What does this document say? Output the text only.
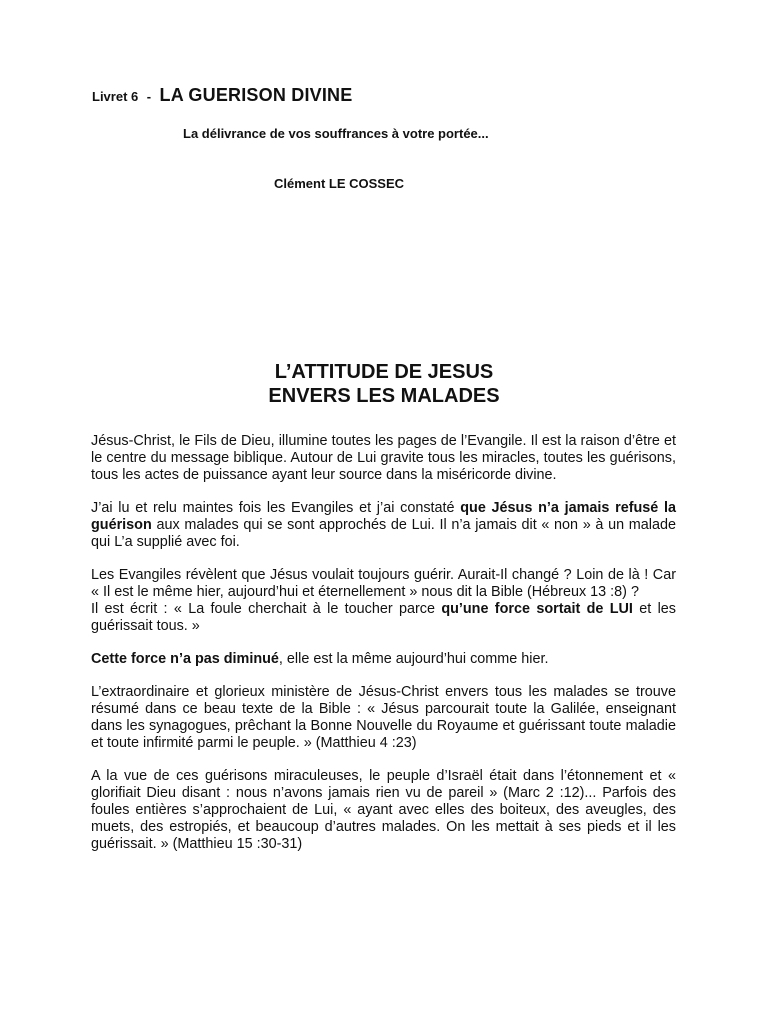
Livret 6 - LA GUERISON DIVINE
La délivrance de vos souffrances à votre portée...
Clément LE COSSEC
L’ATTITUDE DE JESUS
ENVERS LES MALADES

Jésus-Christ, le Fils de Dieu, illumine toutes les pages de l’Evangile. Il est la raison d’être et le centre du message biblique. Autour de Lui gravite tous les miracles, toutes les guérisons, tous les actes de puissance ayant leur source dans la miséricorde divine.

J’ai lu et relu maintes fois les Evangiles et j’ai constaté que Jésus n’a jamais refusé la guérison aux malades qui se sont approchés de Lui. Il n’a jamais dit « non » à un malade qui L’a supplié avec foi.

Les Evangiles révèlent que Jésus voulait toujours guérir. Aurait-Il changé ? Loin de là ! Car « Il est le même hier, aujourd’hui et éternellement » nous dit la Bible (Hébreux 13 :8) ?

Il est écrit : « La foule cherchait à le toucher parce qu’une force sortait de LUI et les guérissait tous. »

Cette force n’a pas diminué, elle est la même aujourd’hui comme hier.

L’extraordinaire et glorieux ministère de Jésus-Christ envers tous les malades se trouve résumé dans ce beau texte de la Bible : « Jésus parcourait toute la Galilée, enseignant dans les synagogues, prêchant la Bonne Nouvelle du Royaume et guérissant toute maladie et toute infirmité parmi le peuple. » (Matthieu 4 :23)

A la vue de ces guérisons miraculeuses, le peuple d’Israël était dans l’étonnement et « glorifiait Dieu disant : nous n’avons jamais rien vu de pareil » (Marc 2 :12)... Parfois des foules entières s’approchaient de Lui, « ayant avec elles des boiteux, des aveugles, des muets, des estropiés, et beaucoup d’autres malades. On les mettait à ses pieds et il les guérissait. » (Matthieu 15 :30-31)
